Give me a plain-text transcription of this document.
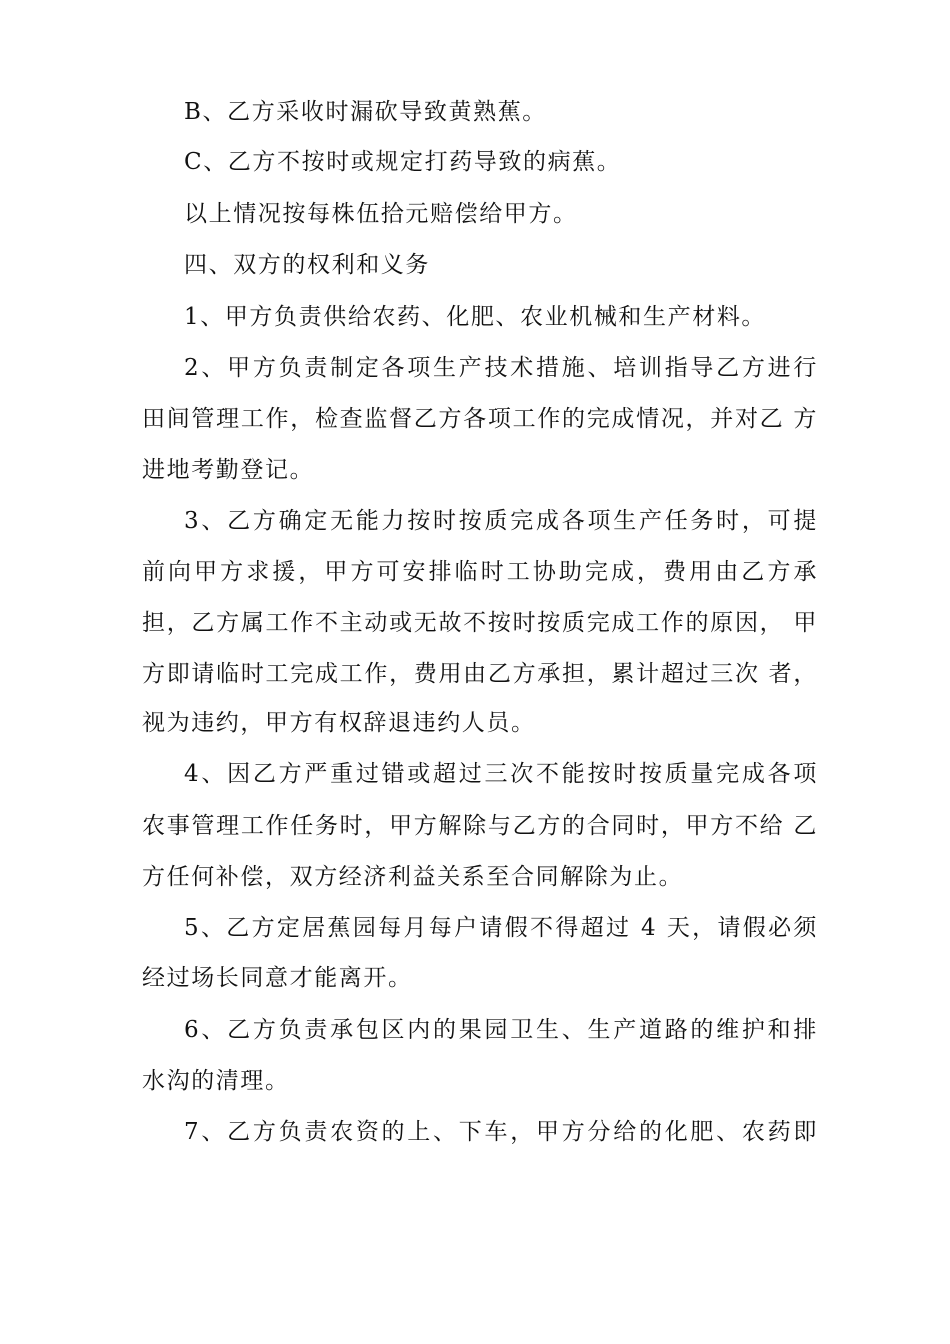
B、乙方采收时漏砍导致黄熟蕉。
C、乙方不按时或规定打药导致的病蕉。
以上情况按每株伍拾元赔偿给甲方。
四、双方的权利和义务
1、甲方负责供给农药、化肥、农业机械和生产材料。
2、甲方负责制定各项生产技术措施、培训指导乙方进行
田间管理工作，检查监督乙方各项工作的完成情况，并对乙 方
进地考勤登记。
3、乙方确定无能力按时按质完成各项生产任务时，可提
前向甲方求援，甲方可安排临时工协助完成，费用由乙方承
担，乙方属工作不主动或无故不按时按质完成工作的原因， 甲
方即请临时工完成工作，费用由乙方承担，累计超过三次 者，
视为违约，甲方有权辞退违约人员。
4、因乙方严重过错或超过三次不能按时按质量完成各项
农事管理工作任务时，甲方解除与乙方的合同时，甲方不给 乙
方任何补偿，双方经济利益关系至合同解除为止。
5、乙方定居蕉园每月每户请假不得超过 4 天，请假必须
经过场长同意才能离开。
6、乙方负责承包区内的果园卫生、生产道路的维护和排
水沟的清理。
7、乙方负责农资的上、下车，甲方分给的化肥、农药即
